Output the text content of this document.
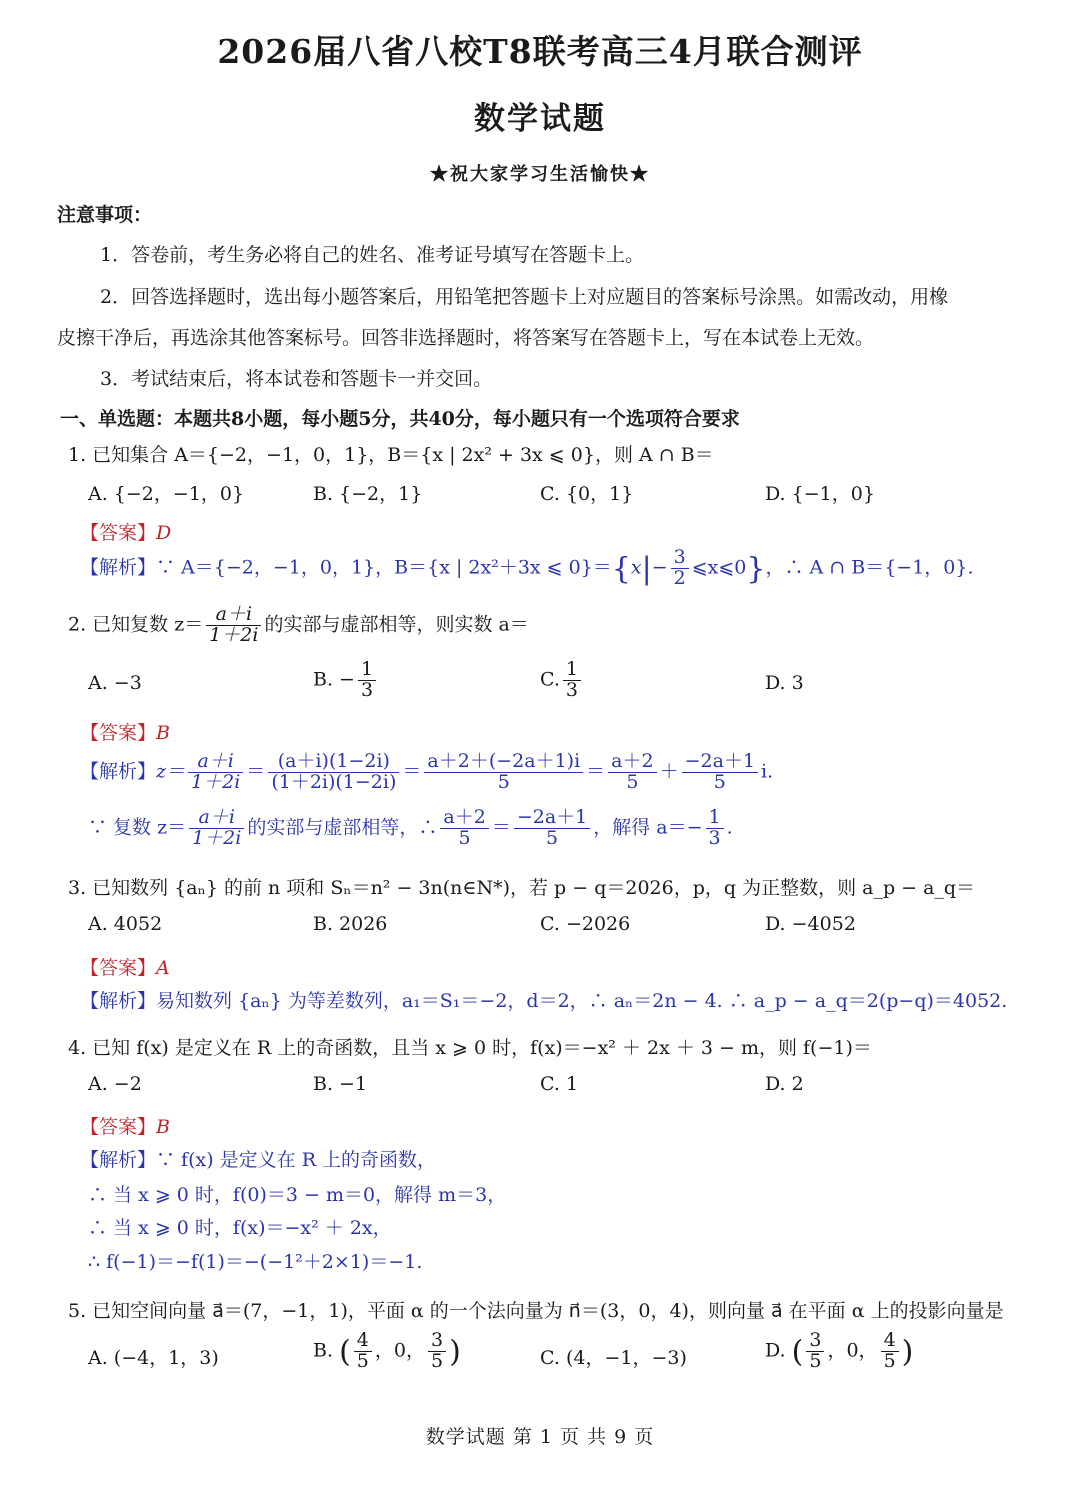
2026届八省八校T8联考高三4月联合测评
数学试题
★祝大家学习生活愉快★
注意事项：
1．答卷前，考生务必将自己的姓名、准考证号填写在答题卡上。
2．回答选择题时，选出每小题答案后，用铅笔把答题卡上对应题目的答案标号涂黑。如需改动，用橡
皮擦干净后，再选涂其他答案标号。回答非选择题时，将答案写在答题卡上，写在本试卷上无效。
3．考试结束后，将本试卷和答题卡一并交回。
一、单选题：本题共8小题，每小题5分，共40分，每小题只有一个选项符合要求
1. 已知集合 A＝{−2，−1，0，1}，B＝{x | 2x² + 3x ⩽ 0}，则 A ∩ B＝
A. {−2，−1，0}	B. {−2，1}	C. {0，1}	D. {−1，0}
【答案】D
【解析】∵ A＝{−2，−1，0，1}，B＝{x | 2x²＋3x ⩽ $0\}=\{x|- \frac{3}{2}$ ⩽x⩽0}，∴ A ∩ B＝{−1，0}.
2. 已知复数 $z= \frac{a+i}{1+2i}$ 的实部与虚部相等，则实数 a＝
A. −3	B. − $\frac{1}{3}$	C. $\frac{1}{3}$	D. 3
【答案】B
【解析】$z= \frac{a+i}{1+2i} = \frac{(a+i)(1-2i)}{(1+2i)(1-2i)} = \frac{a+2+(-2a+1)i}{5} = \frac{a+2}{5} + \frac{-2a+1}{5} i$.
∵ 复数 $z= \frac{a+i}{1+2i}$ 的实部与虚部相等，∴ $\frac{a+2}{5} = \frac{-2a+1}{5}$ ，解得 $a=- \frac{1}{3}$ .
3. 已知数列 {aₙ} 的前 n 项和 Sₙ＝n² − 3n(n∈N*)，若 p − q＝2026，p，q 为正整数，则 a_p − a_q＝
A. 4052	B. 2026	C. −2026	D. −4052
【答案】A
【解析】易知数列 {aₙ} 为等差数列，a₁＝S₁＝−2，d＝2，∴ aₙ＝2n − 4. ∴ a_p − a_q＝2(p−q)＝4052.
4. 已知 f(x) 是定义在 R 上的奇函数，且当 x ⩾ 0 时，f(x)＝−x² ＋ 2x ＋ 3 − m，则 f(−1)＝
A. −2	B. −1	C. 1	D. 2
【答案】B
【解析】∵ f(x) 是定义在 R 上的奇函数，
∴ 当 x ⩾ 0 时，f(0)＝3 − m＝0，解得 m＝3，
∴ 当 x ⩾ 0 时，f(x)＝−x² ＋ 2x，
∴ f(−1)＝−f(1)＝−(−1²＋2×1)＝−1.
5. 已知空间向量 a⃗＝(7，−1，1)，平面 α 的一个法向量为 n⃗＝(3，0，4)，则向量 a⃗ 在平面 α 上的投影向量是
A. (−4，1，3)	B. ( $\frac{4}{5}$ ，0， $\frac{3}{5}$ )	C. (4，−1，−3)	D. ( $\frac{3}{5}$ ，0， $\frac{4}{5}$ )
数学试题 第 1 页 共 9 页
